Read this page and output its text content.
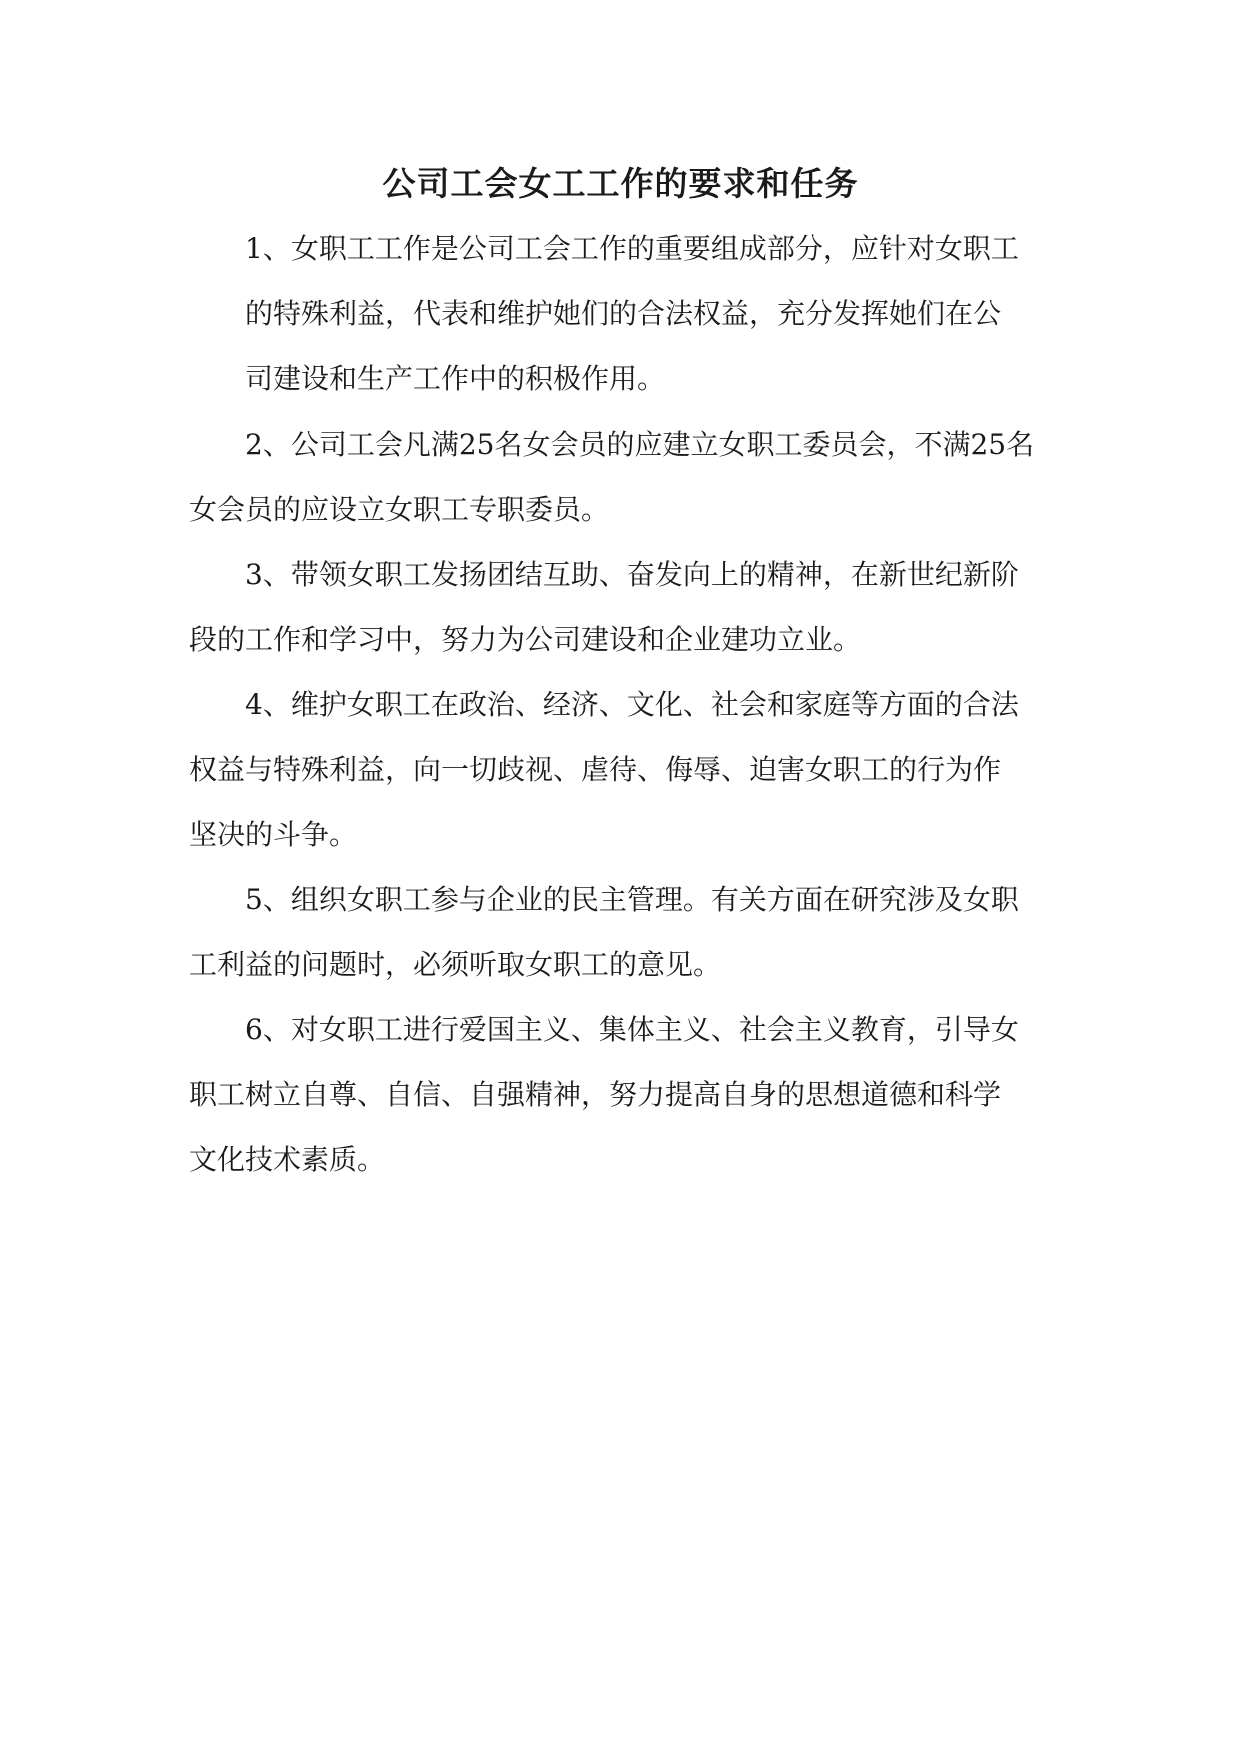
公司工会女工工作的要求和任务
1、女职工工作是公司工会工作的重要组成部分，应针对女职工
的特殊利益，代表和维护她们的合法权益，充分发挥她们在公
司建设和生产工作中的积极作用。
2、公司工会凡满25名女会员的应建立女职工委员会，不满25名
女会员的应设立女职工专职委员。
3、带领女职工发扬团结互助、奋发向上的精神，在新世纪新阶
段的工作和学习中，努力为公司建设和企业建功立业。
4、维护女职工在政治、经济、文化、社会和家庭等方面的合法
权益与特殊利益，向一切歧视、虐待、侮辱、迫害女职工的行为作
坚决的斗争。
5、组织女职工参与企业的民主管理。有关方面在研究涉及女职
工利益的问题时，必须听取女职工的意见。
6、对女职工进行爱国主义、集体主义、社会主义教育，引导女
职工树立自尊、自信、自强精神，努力提高自身的思想道德和科学
文化技术素质。
